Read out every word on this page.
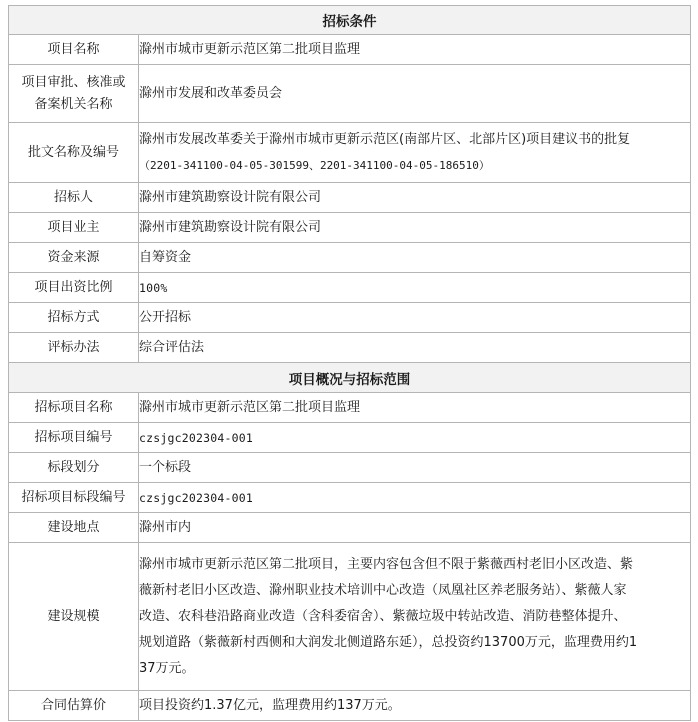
招标条件	
项目名称	滁州市城市更新示范区第二批项目监理

项目审批、核准或
备案机关名称	滁州市发展和改革委员会
批文名称及编号	滁州市发展改革委关于滁州市城市更新示范区(南部片区、北部片区)项目建议书的批复
（2201-341100-04-05-301599、2201-341100-04-05-186510）

招标人	滁州市建筑勘察设计院有限公司
项目业主	滁州市建筑勘察设计院有限公司
资金来源	自筹资金
项目出资比例	100%
招标方式	公开招标
评标办法	综合评估法
项目概况与招标范围	
招标项目名称	滁州市城市更新示范区第二批项目监理
招标项目编号	czsjgc202304-001
标段划分	一个标段
招标项目标段编号	czsjgc202304-001
建设地点	滁州市内
建设规模	滁州市城市更新示范区第二批项目，主要内容包含但不限于紫薇西村老旧小区改造、紫
薇新村老旧小区改造、滁州职业技术培训中心改造（凤凰社区养老服务站）、紫薇人家
改造、农科巷沿路商业改造（含科委宿舍）、紫薇垃圾中转站改造、消防巷整体提升、
规划道路（紫薇新村西侧和大润发北侧道路东延），总投资约13700万元，监理费用约1
37万元。

合同估算价	项目投资约1.37亿元，监理费用约137万元。
